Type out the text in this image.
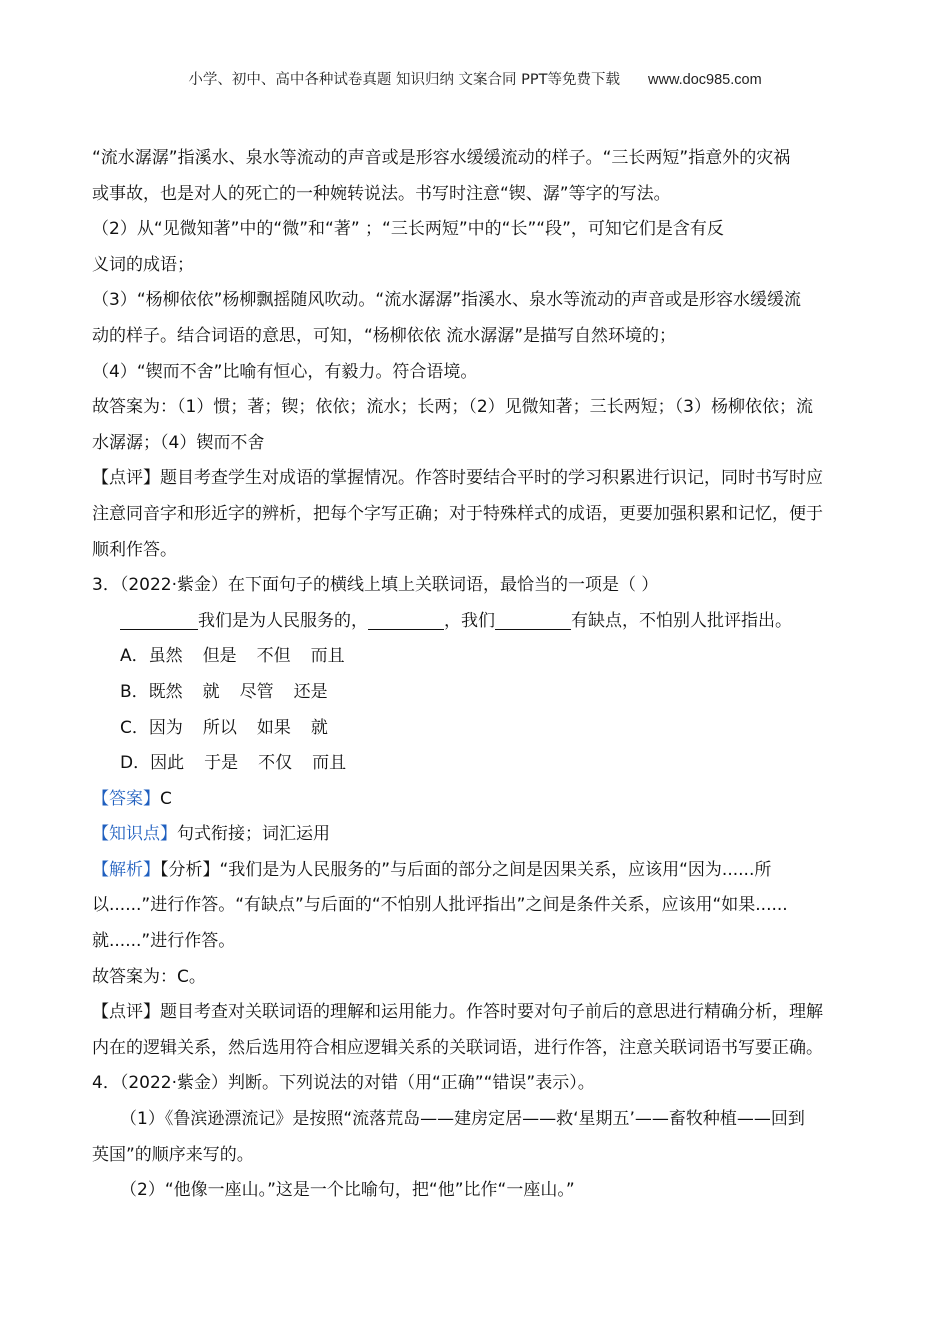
小学、初中、高中各种试卷真题 知识归纳 文案合同 PPT等免费下载 www.doc985.com
“流水潺潺”指溪水、泉水等流动的声音或是形容水缓缓流动的样子。“三长两短”指意外的灾祸
或事故，也是对人的死亡的一种婉转说法。书写时注意“锲、潺”等字的写法。
（2）从“见微知著”中的“微”和“著” ；“三长两短”中的“长”“段”，可知它们是含有反
义词的成语；
（3）“杨柳依依”杨柳飘摇随风吹动。“流水潺潺”指溪水、泉水等流动的声音或是形容水缓缓流
动的样子。结合词语的意思，可知，“杨柳依依 流水潺潺”是描写自然环境的；
（4）“锲而不舍”比喻有恒心，有毅力。符合语境。
故答案为：（1）惯；著；锲；依依；流水；长两；（2）见微知著；三长两短；（3）杨柳依依；流
水潺潺；（4）锲而不舍
【点评】题目考查学生对成语的掌握情况。作答时要结合平时的学习积累进行识记，同时书写时应
注意同音字和形近字的辨析，把每个字写正确；对于特殊样式的成语，更要加强积累和记忆，便于
顺利作答。
3．（2022·紫金）在下面句子的横线上填上关联词语，最恰当的一项是（ ）
我们是为人民服务的，	，我们	有缺点，不怕别人批评指出。
A．虽然 但是 不但 而且
B．既然 就 尽管 还是
C．因为 所以 如果 就
D．因此 于是 不仅 而且
【答案】C
【知识点】句式衔接；词汇运用
【解析】【分析】“我们是为人民服务的”与后面的部分之间是因果关系，应该用“因为......所
以......”进行作答。“有缺点”与后面的“不怕别人批评指出”之间是条件关系，应该用“如果......
就......”进行作答。
故答案为：C。
【点评】题目考查对关联词语的理解和运用能力。作答时要对句子前后的意思进行精确分析，理解
内在的逻辑关系，然后选用符合相应逻辑关系的关联词语，进行作答，注意关联词语书写要正确。
4．（2022·紫金）判断。下列说法的对错（用“正确”“错误”表示）。
（1）《鲁滨逊漂流记》是按照“流落荒岛——建房定居——救‘星期五’——畜牧种植——回到
英国”的顺序来写的。
（2）“他像一座山。”这是一个比喻句，把“他”比作“一座山。”
